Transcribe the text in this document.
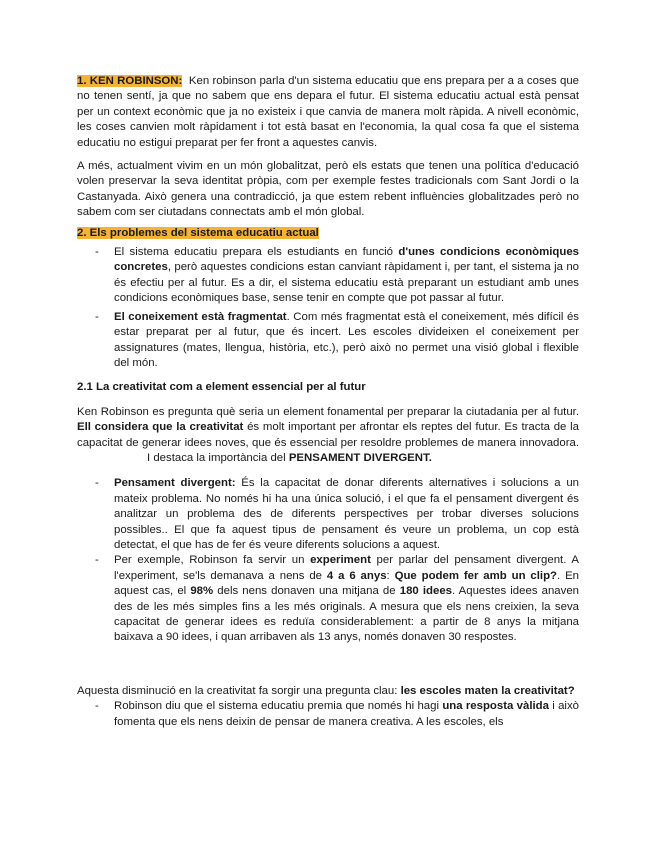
1. KEN ROBINSON: Ken robinson parla d'un sistema educatiu que ens prepara per a a coses que no tenen sentí, ja que no sabem que ens depara el futur. El sistema educatiu actual està pensat per un context econòmic que ja no existeix i que canvia de manera molt ràpida. A nivell econòmic, les coses canvien molt ràpidament i tot està basat en l'economia, la qual cosa fa que el sistema educatiu no estigui preparat per fer front a aquestes canvis.

A més, actualment vivim en un món globalitzat, però els estats que tenen una política d'educació volen preservar la seva identitat pròpia, com per exemple festes tradicionals com Sant Jordi o la Castanyada. Això genera una contradicció, ja que estem rebent influències globalitzades però no sabem com ser ciutadans connectats amb el món global.

2. Els problemes del sistema educatiu actual

- El sistema educatiu prepara els estudiants en funció d'unes condicions econòmiques concretes, però aquestes condicions estan canviant ràpidament i, per tant, el sistema ja no és efectiu per al futur. Es a dir, el sistema educatiu està preparant un estudiant amb unes condicions econòmiques base, sense tenir en compte que pot passar al futur.
- El coneixement està fragmentat. Com més fragmentat està el coneixement, més difícil és estar preparat per al futur, que és incert. Les escoles divideixen el coneixement per assignatures (mates, llengua, història, etc.), però això no permet una visió global i flexible del món.

2.1 La creativitat com a element essencial per al futur

Ken Robinson es pregunta què seria un element fonamental per preparar la ciutadania per al futur. Ell considera que la creativitat és molt important per afrontar els reptes del futur. Es tracta de la capacitat de generar idees noves, que és essencial per resoldre problemes de manera innovadora.I destaca la importància del PENSAMENT DIVERGENT.

- Pensament divergent: És la capacitat de donar diferents alternatives i solucions a un mateix problema. No només hi ha una única solució, i el que fa el pensament divergent és analitzar un problema des de diferents perspectives per trobar diverses solucions possibles.. El que fa aquest tipus de pensament és veure un problema, un cop està detectat, el que has de fer és veure diferents solucions a aquest.
- Per exemple, Robinson fa servir un experiment per parlar del pensament divergent. A l'experiment, se'ls demanava a nens de 4 a 6 anys: Que podem fer amb un clip?. En aquest cas, el 98% dels nens donaven una mitjana de 180 idees. Aquestes idees anaven des de les més simples fins a les més originals. A mesura que els nens creixien, la seva capacitat de generar idees es reduïa considerablement: a partir de 8 anys la mitjana baixava a 90 idees, i quan arribaven als 13 anys, només donaven 30 respostes.

Aquesta disminució en la creativitat fa sorgir una pregunta clau: les escoles maten la creativitat?

- Robinson diu que el sistema educatiu premia que només hi hagi una resposta vàlida i això fomenta que els nens deixin de pensar de manera creativa. A les escoles, els
